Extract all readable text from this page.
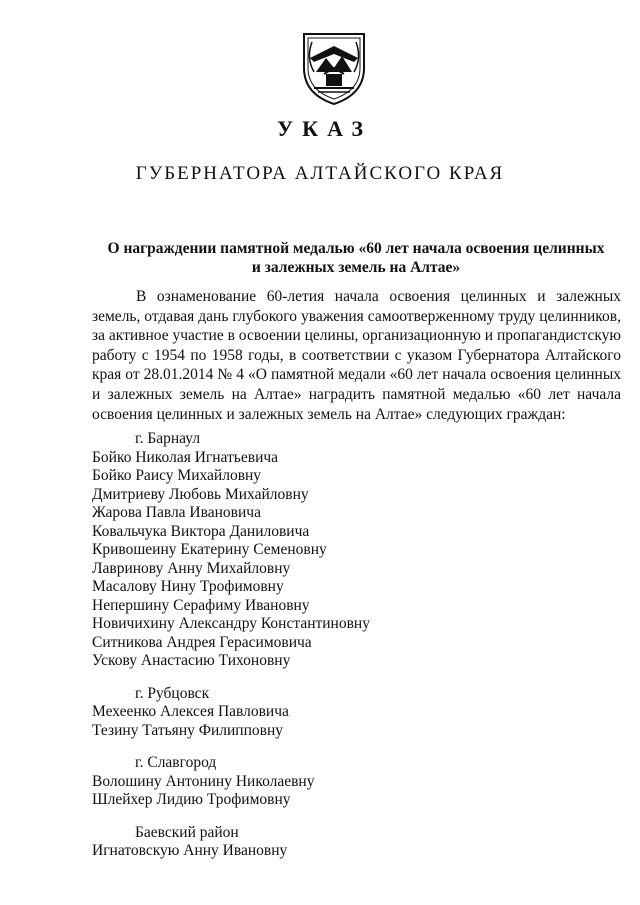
УКАЗ
ГУБЕРНАТОРА АЛТАЙСКОГО КРАЯ
О награждении памятной медалью «60 лет начала освоения целинных
и залежных земель на Алтае»

В ознаменование 60-летия начала освоения целинных и залежных земель, отдавая дань глубокого уважения самоотверженному труду целинников, за активное участие в освоении целины, организационную и пропагандистскую работу с 1954 по 1958 годы, в соответствии с указом Губернатора Алтайского края от 28.01.2014 № 4 «О памятной медали «60 лет начала освоения целинных и залежных земель на Алтае» наградить памятной медалью «60 лет начала освоения целинных и залежных земель на Алтае» следующих граждан:

г. Барнаул
Бойко Николая Игнатьевича
Бойко Раису Михайловну
Дмитриеву Любовь Михайловну
Жарова Павла Ивановича
Ковальчука Виктора Даниловича
Кривошеину Екатерину Семеновну
Лавринову Анну Михайловну
Масалову Нину Трофимовну
Непершину Серафиму Ивановну
Новичихину Александру Константиновну
Ситникова Андрея Герасимовича
Ускову Анастасию Тихоновну
г. Рубцовск
Мехеенко Алексея Павловича
Тезину Татьяну Филипповну
г. Славгород
Волошину Антонину Николаевну
Шлейхер Лидию Трофимовну
Баевский район
Игнатовскую Анну Ивановну
